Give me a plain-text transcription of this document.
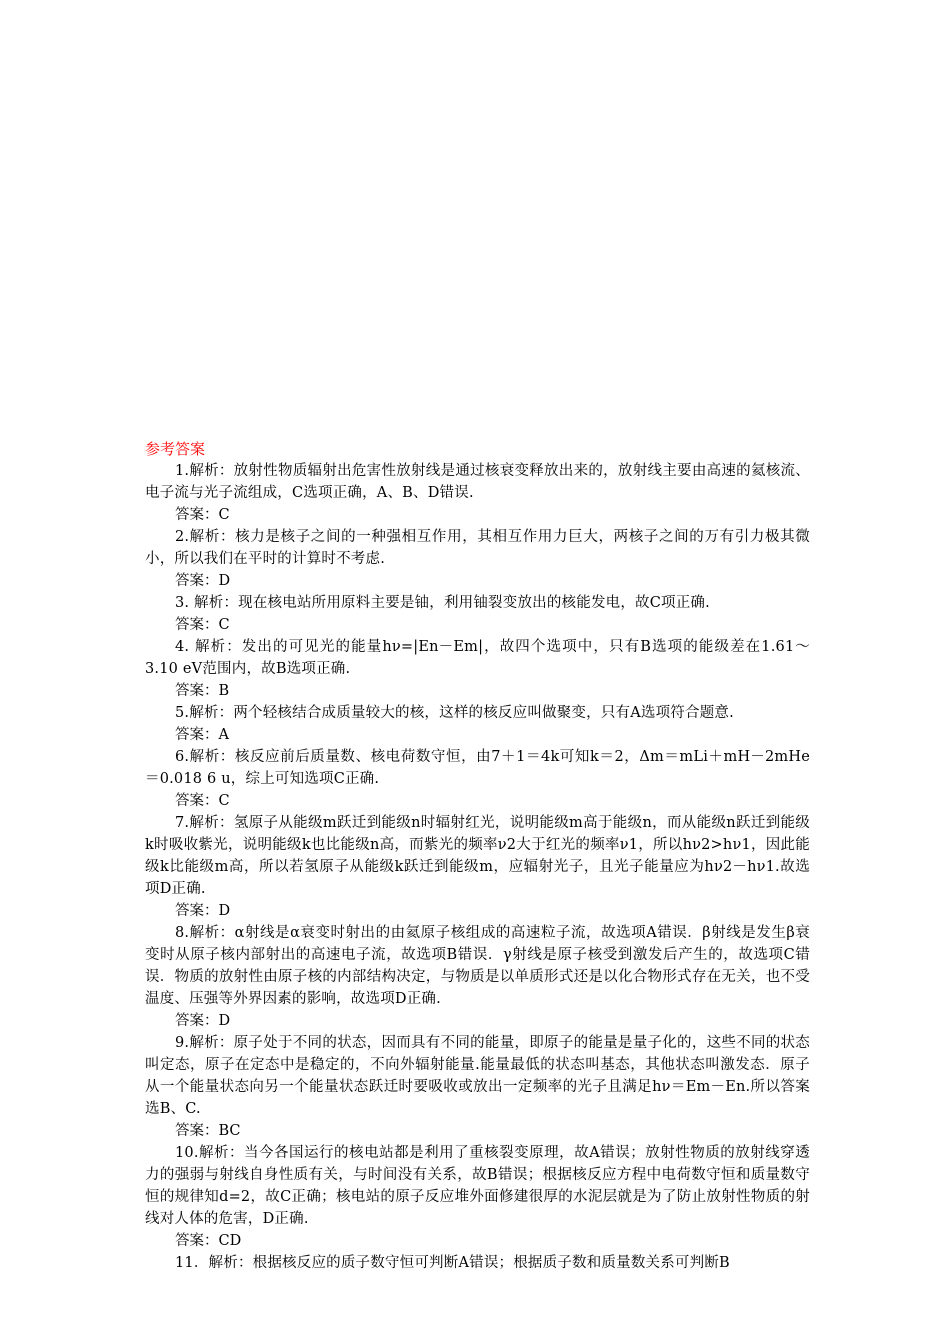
参考答案

1.解析：放射性物质辐射出危害性放射线是通过核衰变释放出来的，放射线主要由高速的氦核流、电子流与光子流组成，C选项正确，A、B、D错误.

答案：C

2.解析：核力是核子之间的一种强相互作用，其相互作用力巨大，两核子之间的万有引力极其微小，所以我们在平时的计算时不考虑.

答案：D

3. 解析：现在核电站所用原料主要是铀，利用铀裂变放出的核能发电，故C项正确.

答案：C

4. 解析：发出的可见光的能量hν=|En－Em|，故四个选项中，只有B选项的能级差在1.61～3.10 eV范围内，故B选项正确.

答案：B

5.解析：两个轻核结合成质量较大的核，这样的核反应叫做聚变，只有A选项符合题意.

答案：A

6.解析：核反应前后质量数、核电荷数守恒，由7＋1＝4k可知k＝2，Δm＝mLi＋mH－2mHe＝0.018 6 u，综上可知选项C正确.

答案：C

7.解析：氢原子从能级m跃迁到能级n时辐射红光，说明能级m高于能级n，而从能级n跃迁到能级k时吸收紫光，说明能级k也比能级n高，而紫光的频率ν2大于红光的频率ν1，所以hν2>hν1，因此能级k比能级m高，所以若氢原子从能级k跃迁到能级m，应辐射光子，且光子能量应为hν2－hν1.故选项D正确.

答案：D

8.解析：α射线是α衰变时射出的由氦原子核组成的高速粒子流，故选项A错误．β射线是发生β衰变时从原子核内部射出的高速电子流，故选项B错误．γ射线是原子核受到激发后产生的，故选项C错误．物质的放射性由原子核的内部结构决定，与物质是以单质形式还是以化合物形式存在无关，也不受温度、压强等外界因素的影响，故选项D正确.

答案：D

9.解析：原子处于不同的状态，因而具有不同的能量，即原子的能量是量子化的，这些不同的状态叫定态，原子在定态中是稳定的，不向外辐射能量.能量最低的状态叫基态，其他状态叫激发态．原子从一个能量状态向另一个能量状态跃迁时要吸收或放出一定频率的光子且满足hν＝Em－En.所以答案选B、C.

答案：BC

10.解析：当今各国运行的核电站都是利用了重核裂变原理，故A错误；放射性物质的放射线穿透力的强弱与射线自身性质有关，与时间没有关系，故B错误；根据核反应方程中电荷数守恒和质量数守恒的规律知d=2，故C正确；核电站的原子反应堆外面修建很厚的水泥层就是为了防止放射性物质的射线对人体的危害，D正确.

答案：CD

11．解析：根据核反应的质子数守恒可判断A错误；根据质子数和质量数关系可判断B
